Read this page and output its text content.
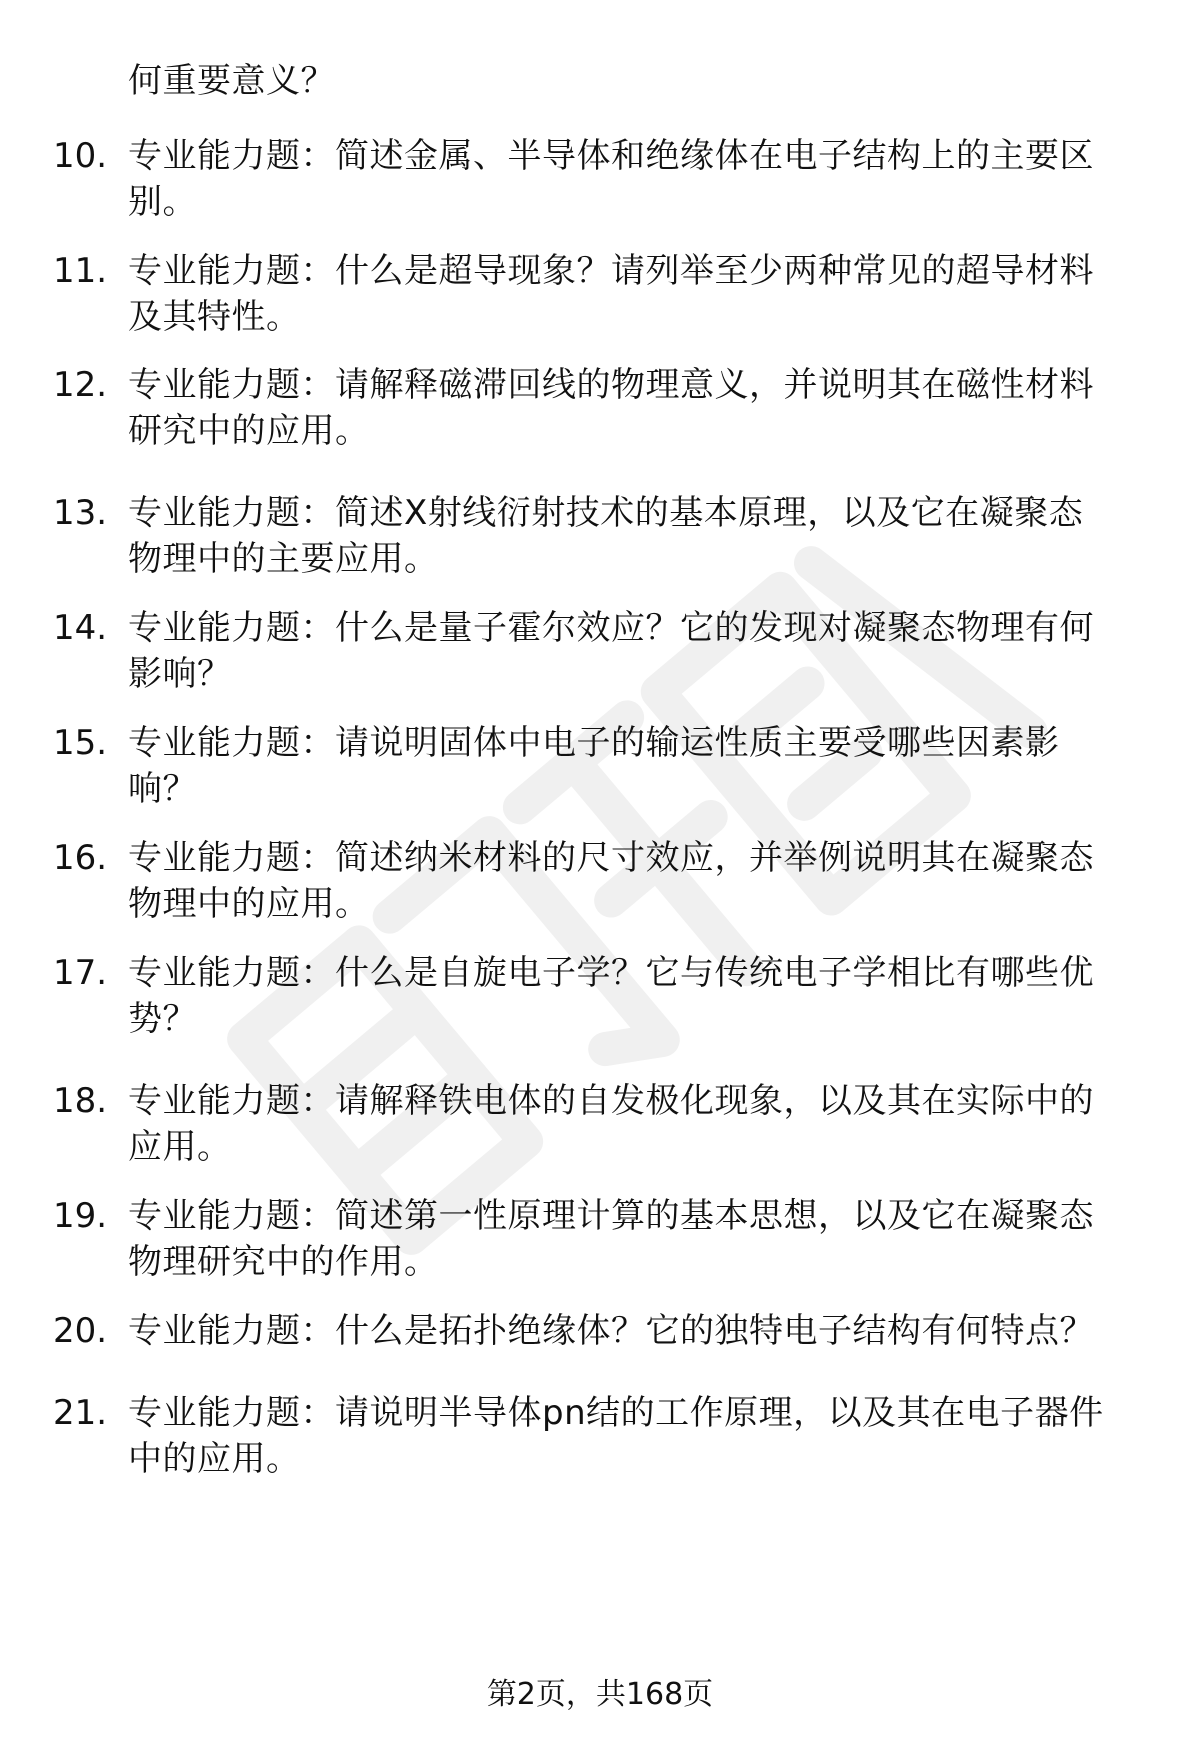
何重要意义？
10. 专业能力题：简述金属、半导体和绝缘体在电子结构上的主要区
别。
11. 专业能力题：什么是超导现象？请列举至少两种常见的超导材料
及其特性。
12. 专业能力题：请解释磁滞回线的物理意义，并说明其在磁性材料
研究中的应用。
13. 专业能力题：简述X射线衍射技术的基本原理，以及它在凝聚态
物理中的主要应用。
14. 专业能力题：什么是量子霍尔效应？它的发现对凝聚态物理有何
影响？
15. 专业能力题：请说明固体中电子的输运性质主要受哪些因素影
响？
16. 专业能力题：简述纳米材料的尺寸效应，并举例说明其在凝聚态
物理中的应用。
17. 专业能力题：什么是自旋电子学？它与传统电子学相比有哪些优
势？
18. 专业能力题：请解释铁电体的自发极化现象，以及其在实际中的
应用。
19. 专业能力题：简述第一性原理计算的基本思想，以及它在凝聚态
物理研究中的作用。
20. 专业能力题：什么是拓扑绝缘体？它的独特电子结构有何特点？
21. 专业能力题：请说明半导体pn结的工作原理，以及其在电子器件
中的应用。
第2页，共168页
